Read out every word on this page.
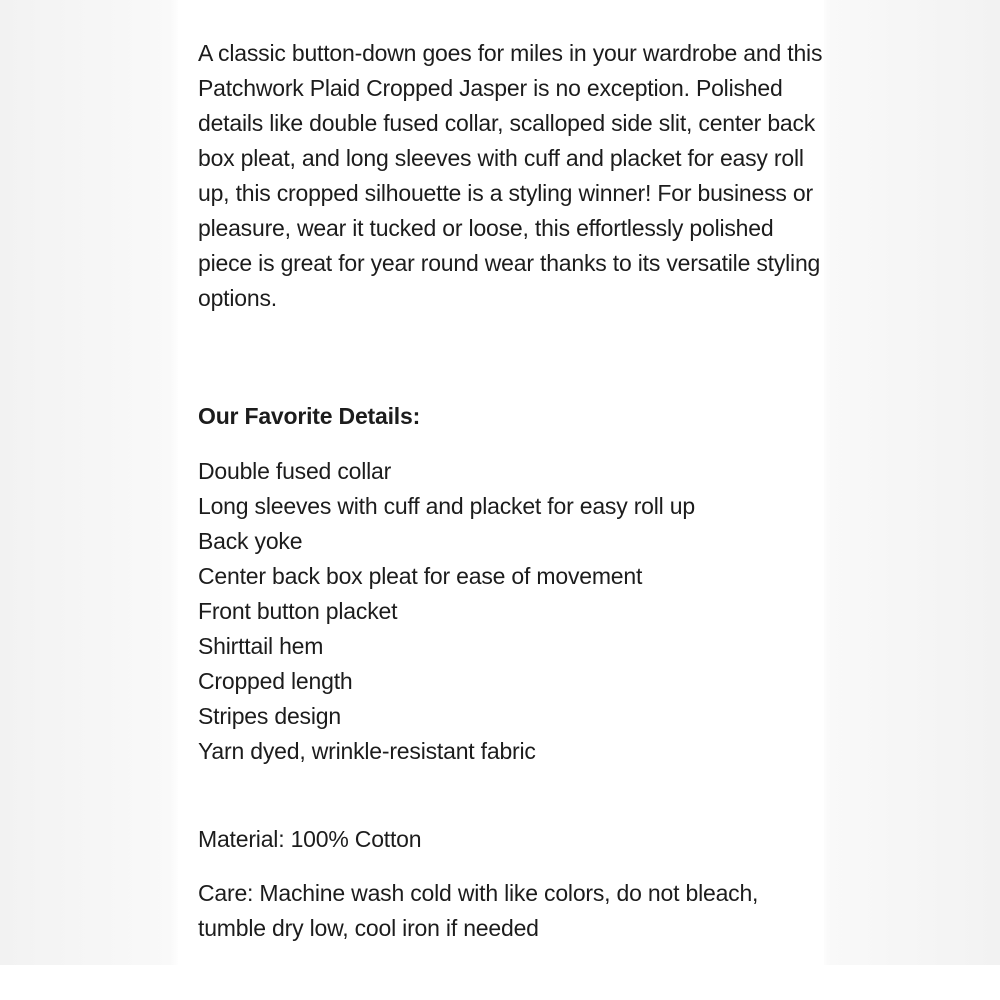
A classic button-down goes for miles in your wardrobe and this Patchwork Plaid Cropped Jasper is no exception. Polished details like double fused collar, scalloped side slit, center back box pleat, and long sleeves with cuff and placket for easy roll up, this cropped silhouette is a styling winner! For business or pleasure, wear it tucked or loose, this effortlessly polished piece is great for year round wear thanks to its versatile styling options.

Our Favorite Details:

Double fused collar
Long sleeves with cuff and placket for easy roll up
Back yoke
Center back box pleat for ease of movement
Front button placket
Shirttail hem
Cropped length
Stripes design
Yarn dyed, wrinkle-resistant fabric

Material: 100% Cotton

Care: Machine wash cold with like colors, do not bleach, tumble dry low, cool iron if needed
